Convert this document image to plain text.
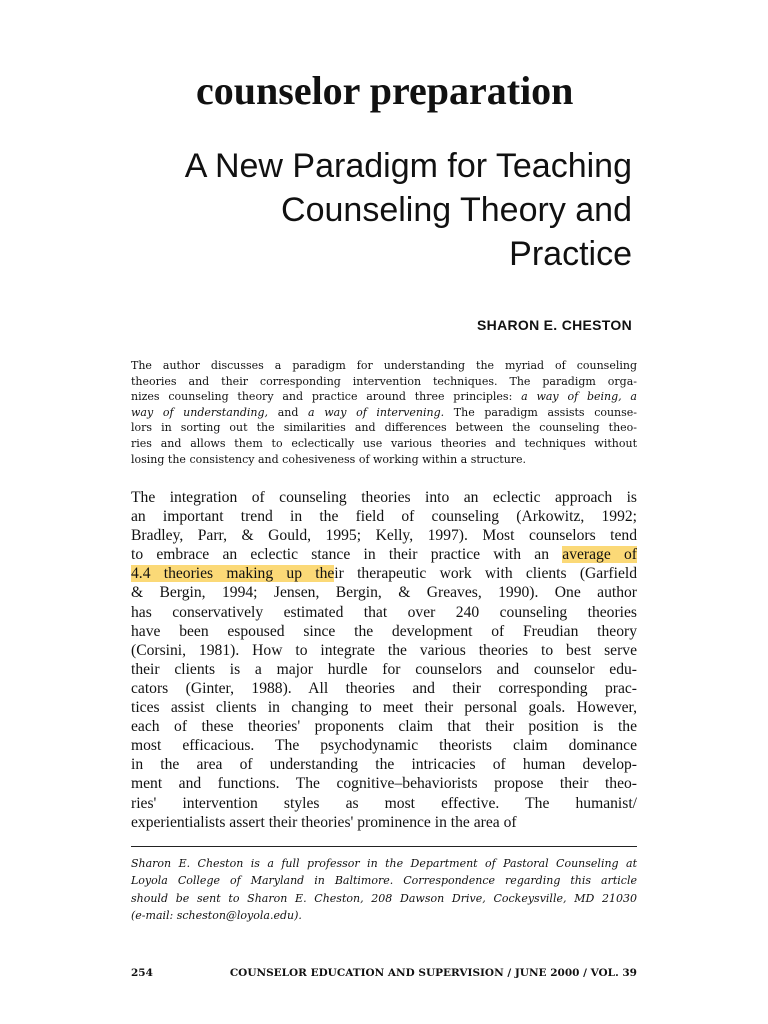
counselor preparation
A New Paradigm for Teaching
Counseling Theory and
Practice
SHARON E. CHESTON
The author discusses a paradigm for understanding the myriad of counseling
theories and their corresponding intervention techniques. The paradigm orga-
nizes counseling theory and practice around three principles: a way of being, a
way of understanding, and a way of intervening. The paradigm assists counse-
lors in sorting out the similarities and differences between the counseling theo-
ries and allows them to eclectically use various theories and techniques without
losing the consistency and cohesiveness of working within a structure.
The integration of counseling theories into an eclectic approach is
an important trend in the field of counseling (Arkowitz, 1992;
Bradley, Parr, & Gould, 1995; Kelly, 1997). Most counselors tend
to embrace an eclectic stance in their practice with an average of
4.4 theories making up their therapeutic work with clients (Garfield
& Bergin, 1994; Jensen, Bergin, & Greaves, 1990). One author
has conservatively estimated that over 240 counseling theories
have been espoused since the development of Freudian theory
(Corsini, 1981). How to integrate the various theories to best serve
their clients is a major hurdle for counselors and counselor edu-
cators (Ginter, 1988). All theories and their corresponding prac-
tices assist clients in changing to meet their personal goals. However,
each of these theories' proponents claim that their position is the
most efficacious. The psychodynamic theorists claim dominance
in the area of understanding the intricacies of human develop-
ment and functions. The cognitive–behaviorists propose their theo-
ries' intervention styles as most effective. The humanist/
experientialists assert their theories' prominence in the area of
Sharon E. Cheston is a full professor in the Department of Pastoral Counseling at
Loyola College of Maryland in Baltimore. Correspondence regarding this article
should be sent to Sharon E. Cheston, 208 Dawson Drive, Cockeysville, MD 21030
(e-mail: scheston@loyola.edu).
254	COUNSELOR EDUCATION AND SUPERVISION / JUNE 2000 / VOL. 39
